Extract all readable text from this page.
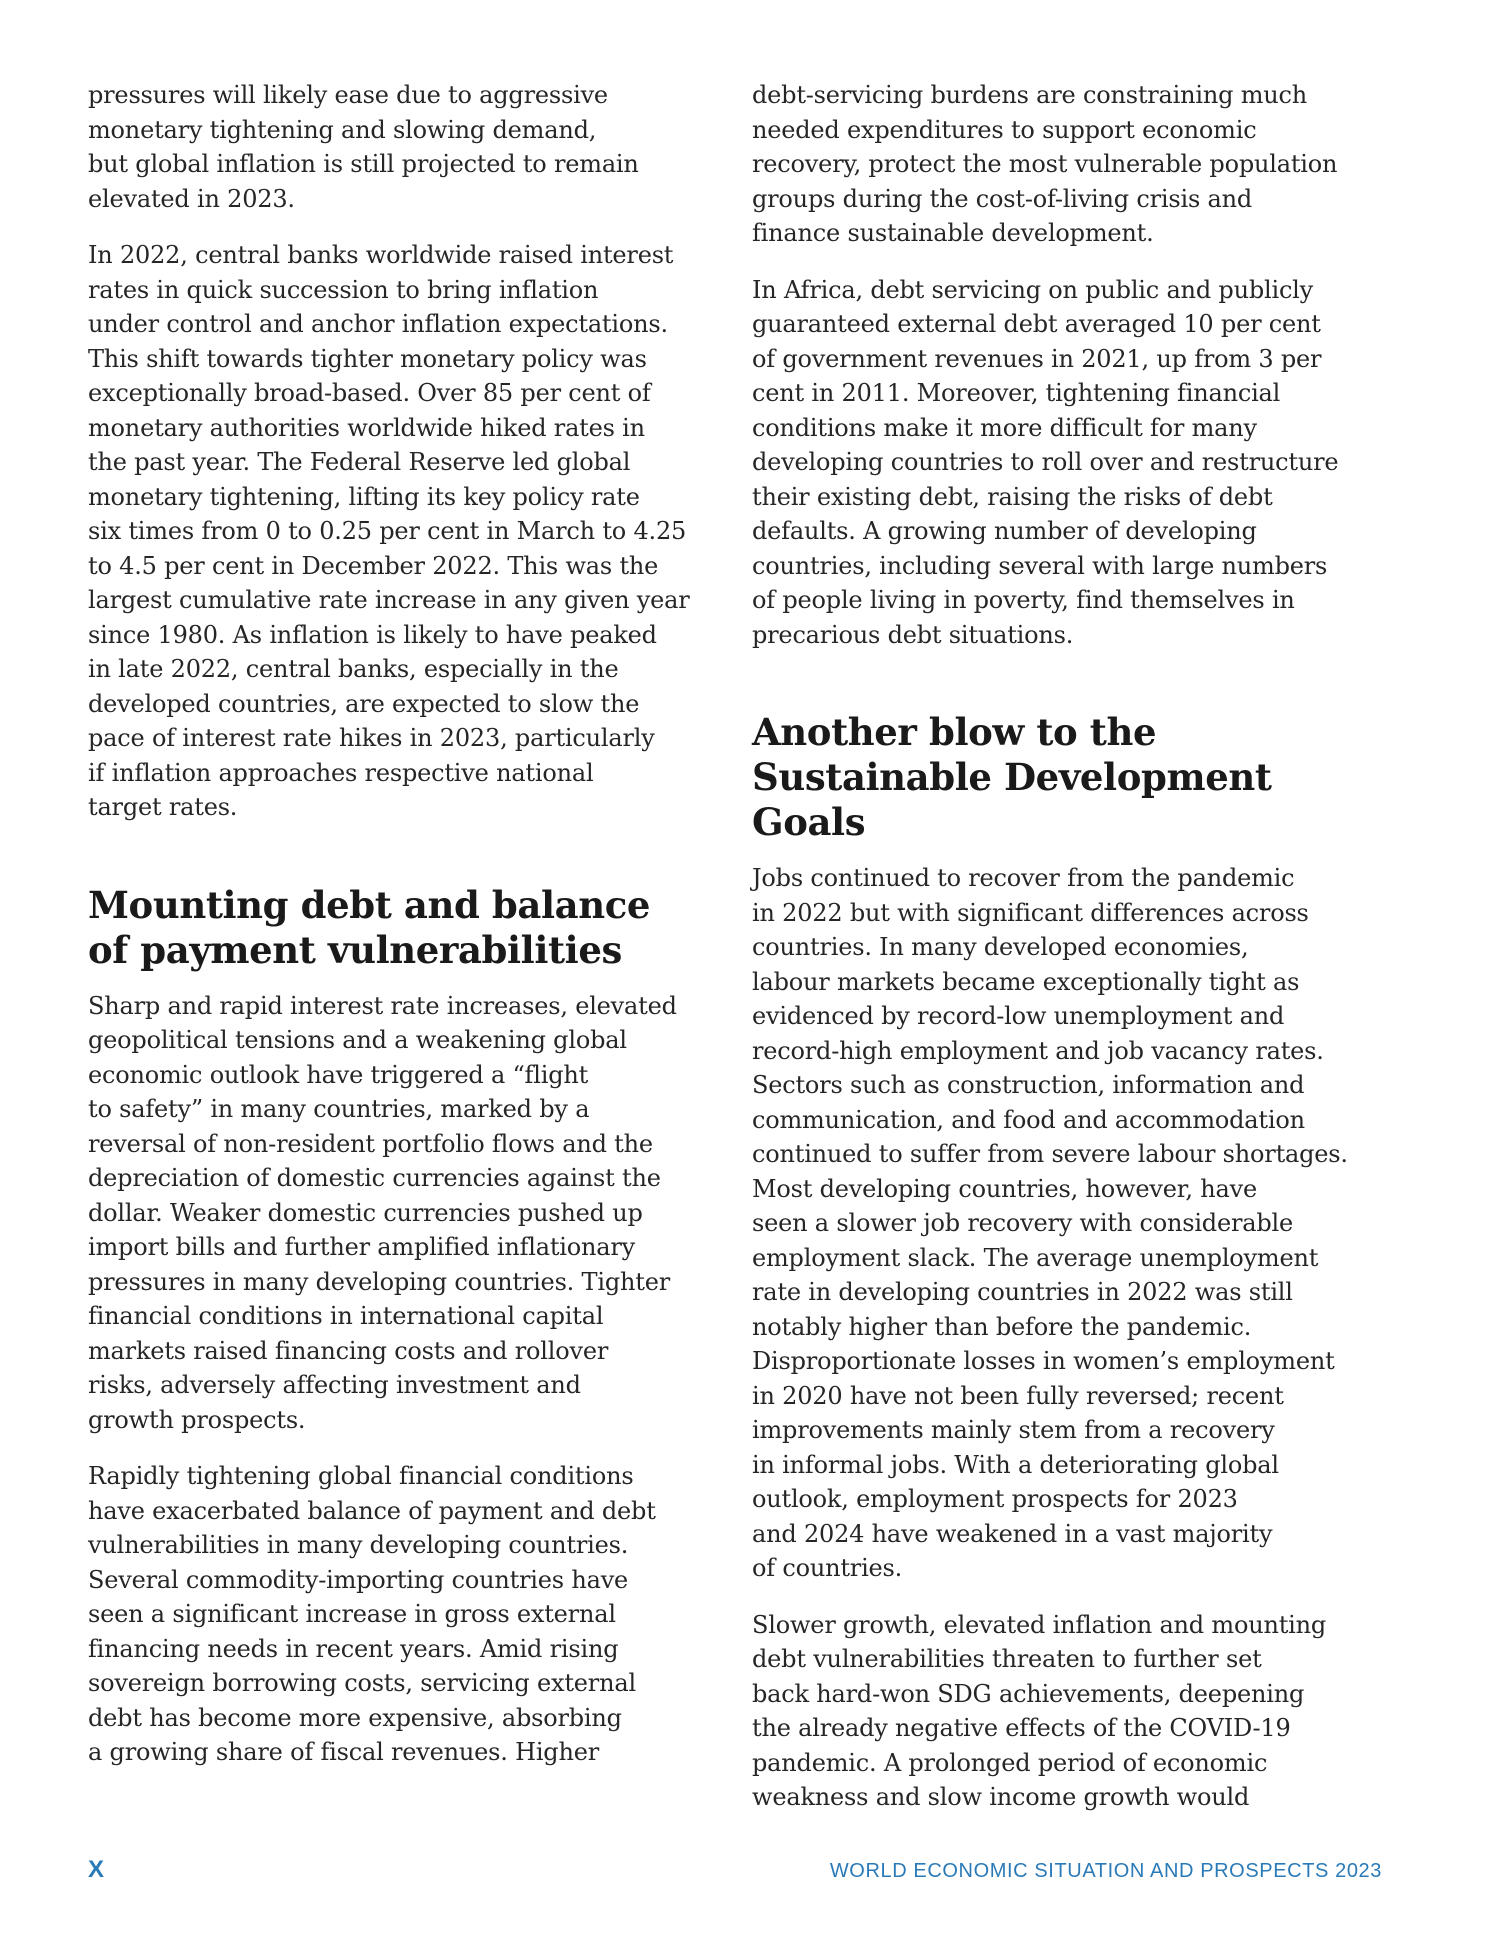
pressures will likely ease due to aggressive
monetary tightening and slowing demand,
but global inflation is still projected to remain
elevated in 2023.

In 2022, central banks worldwide raised interest
rates in quick succession to bring inflation
under control and anchor inflation expectations.
This shift towards tighter monetary policy was
exceptionally broad-based. Over 85 per cent of
monetary authorities worldwide hiked rates in
the past year. The Federal Reserve led global
monetary tightening, lifting its key policy rate
six times from 0 to 0.25 per cent in March to 4.25
to 4.5 per cent in December 2022. This was the
largest cumulative rate increase in any given year
since 1980. As inflation is likely to have peaked
in late 2022, central banks, especially in the
developed countries, are expected to slow the
pace of interest rate hikes in 2023, particularly
if inflation approaches respective national
target rates.

Mounting debt and balance
of payment vulnerabilities

Sharp and rapid interest rate increases, elevated
geopolitical tensions and a weakening global
economic outlook have triggered a “flight
to safety” in many countries, marked by a
reversal of non-resident portfolio flows and the
depreciation of domestic currencies against the
dollar. Weaker domestic currencies pushed up
import bills and further amplified inflationary
pressures in many developing countries. Tighter
financial conditions in international capital
markets raised financing costs and rollover
risks, adversely affecting investment and
growth prospects.

Rapidly tightening global financial conditions
have exacerbated balance of payment and debt
vulnerabilities in many developing countries.
Several commodity-importing countries have
seen a significant increase in gross external
financing needs in recent years. Amid rising
sovereign borrowing costs, servicing external
debt has become more expensive, absorbing
a growing share of fiscal revenues. Higher

debt-servicing burdens are constraining much
needed expenditures to support economic
recovery, protect the most vulnerable population
groups during the cost-of-living crisis and
finance sustainable development.

In Africa, debt servicing on public and publicly
guaranteed external debt averaged 10 per cent
of government revenues in 2021, up from 3 per
cent in 2011. Moreover, tightening financial
conditions make it more difficult for many
developing countries to roll over and restructure
their existing debt, raising the risks of debt
defaults. A growing number of developing
countries, including several with large numbers
of people living in poverty, find themselves in
precarious debt situations.

Another blow to the
Sustainable Development Goals

Jobs continued to recover from the pandemic
in 2022 but with significant differences across
countries. In many developed economies,
labour markets became exceptionally tight as
evidenced by record-low unemployment and
record-high employment and job vacancy rates.
Sectors such as construction, information and
communication, and food and accommodation
continued to suffer from severe labour shortages.
Most developing countries, however, have
seen a slower job recovery with considerable
employment slack. The average unemployment
rate in developing countries in 2022 was still
notably higher than before the pandemic.
Disproportionate losses in women’s employment
in 2020 have not been fully reversed; recent
improvements mainly stem from a recovery
in informal jobs. With a deteriorating global
outlook, employment prospects for 2023
and 2024 have weakened in a vast majority
of countries.

Slower growth, elevated inflation and mounting
debt vulnerabilities threaten to further set
back hard-won SDG achievements, deepening
the already negative effects of the COVID-19
pandemic. A prolonged period of economic
weakness and slow income growth would

X	WORLD ECONOMIC SITUATION AND PROSPECTS 2023
